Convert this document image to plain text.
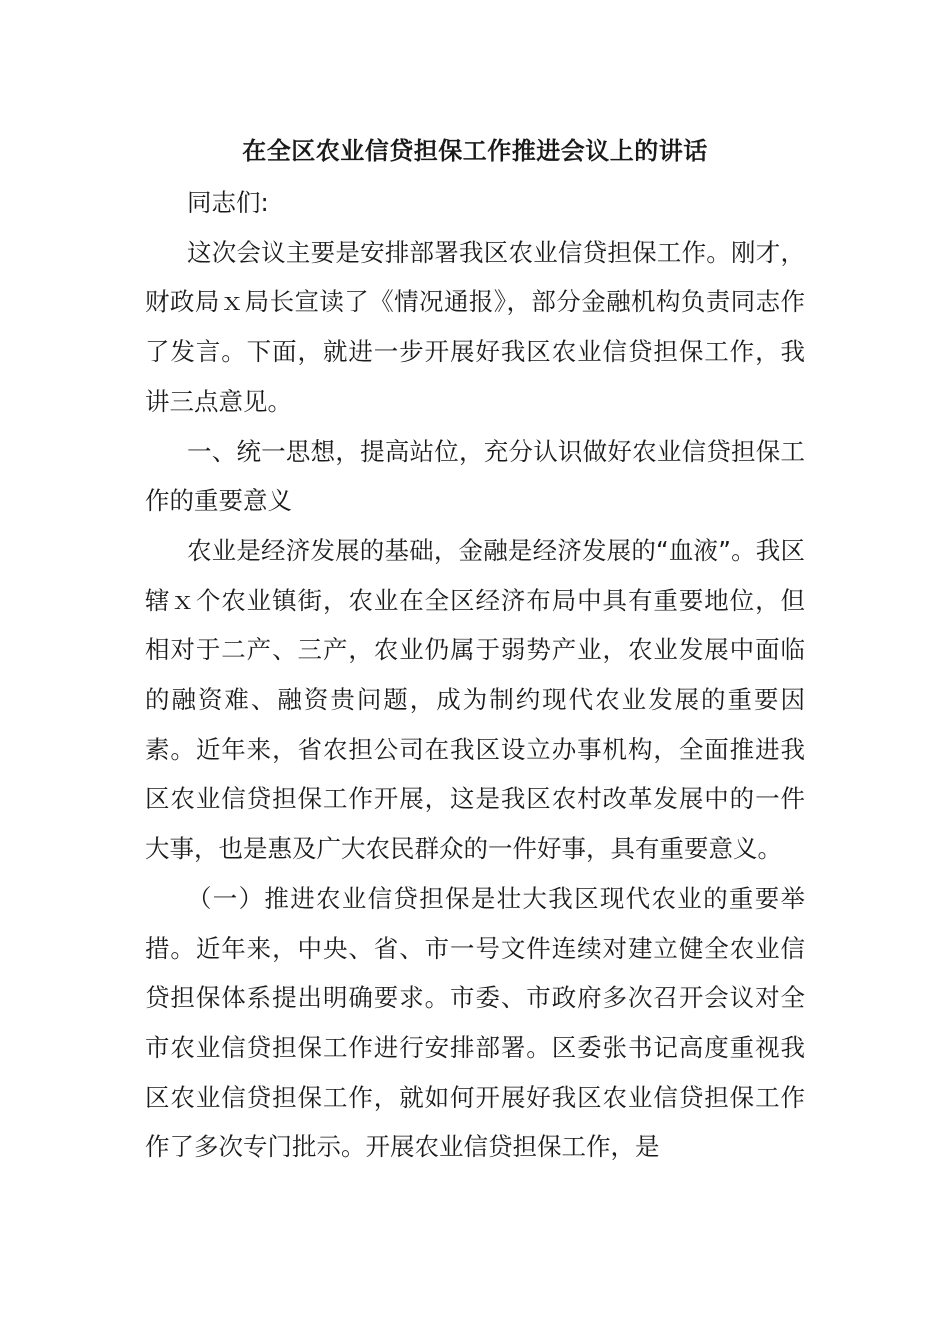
在全区农业信贷担保工作推进会议上的讲话

同志们:

这次会议主要是安排部署我区农业信贷担保工作。刚才，财政局ｘ局长宣读了《情况通报》，部分金融机构负责同志作了发言。下面，就进一步开展好我区农业信贷担保工作，我讲三点意见。

一、统一思想，提高站位，充分认识做好农业信贷担保工作的重要意义

农业是经济发展的基础，金融是经济发展的“血液”。我区辖ｘ个农业镇街，农业在全区经济布局中具有重要地位，但相对于二产、三产，农业仍属于弱势产业，农业发展中面临的融资难、融资贵问题，成为制约现代农业发展的重要因素。近年来，省农担公司在我区设立办事机构，全面推进我区农业信贷担保工作开展，这是我区农村改革发展中的一件大事，也是惠及广大农民群众的一件好事，具有重要意义。

（一）推进农业信贷担保是壮大我区现代农业的重要举措。近年来，中央、省、市一号文件连续对建立健全农业信贷担保体系提出明确要求。市委、市政府多次召开会议对全市农业信贷担保工作进行安排部署。区委张书记高度重视我区农业信贷担保工作，就如何开展好我区农业信贷担保工作作了多次专门批示。开展农业信贷担保工作，是
